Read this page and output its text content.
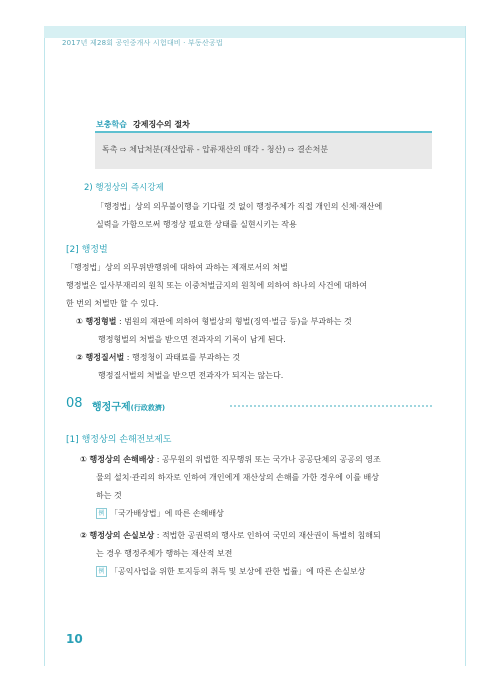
2017년 제28회 공인중개사 시험대비 · 부동산공법
보충학습 강제징수의 절차
독촉 ⇨ 체납처분(재산압류 - 압류재산의 매각 - 청산) ⇨ 결손처분
2) 행정상의 즉시강제
「행정법」상의 의무불이행을 기다릴 것 없이 행정주체가 직접 개인의 신체·재산에
실력을 가함으로써 행정상 필요한 상태를 실현시키는 작용
[2] 행정벌
「행정법」상의 의무위반행위에 대하여 과하는 제재로서의 처벌
행정벌은 일사부재리의 원칙 또는 이중처벌금지의 원칙에 의하여 하나의 사건에 대하여
한 번의 처벌만 할 수 있다.
① 행정형벌 : 범원의 재판에 의하여 형벌상의 형벌(징역·벌금 등)을 부과하는 것
행정형벌의 처벌을 받으면 전과자의 기록이 남게 된다.
② 행정질서벌 : 행정청이 과태료를 부과하는 것
행정질서벌의 처벌을 받으면 전과자가 되지는 않는다.
08 행정구제(行政救濟)
[1] 행정상의 손해전보제도
① 행정상의 손해배상 : 공무원의 위법한 직무행위 또는 국가나 공공단체의 공공의 영조
물의 설치·관리의 하자로 인하여 개인에게 재산상의 손해를 가한 경우에 이를 배상
하는 것
例 「국가배상법」에 따른 손해배상
② 행정상의 손실보상 : 적법한 공권력의 행사로 인하여 국민의 재산권이 특별히 침해되
는 경우 행정주체가 행하는 재산적 보전
例 「공익사업을 위한 토지등의 취득 및 보상에 관한 법률」에 따른 손실보상
10
